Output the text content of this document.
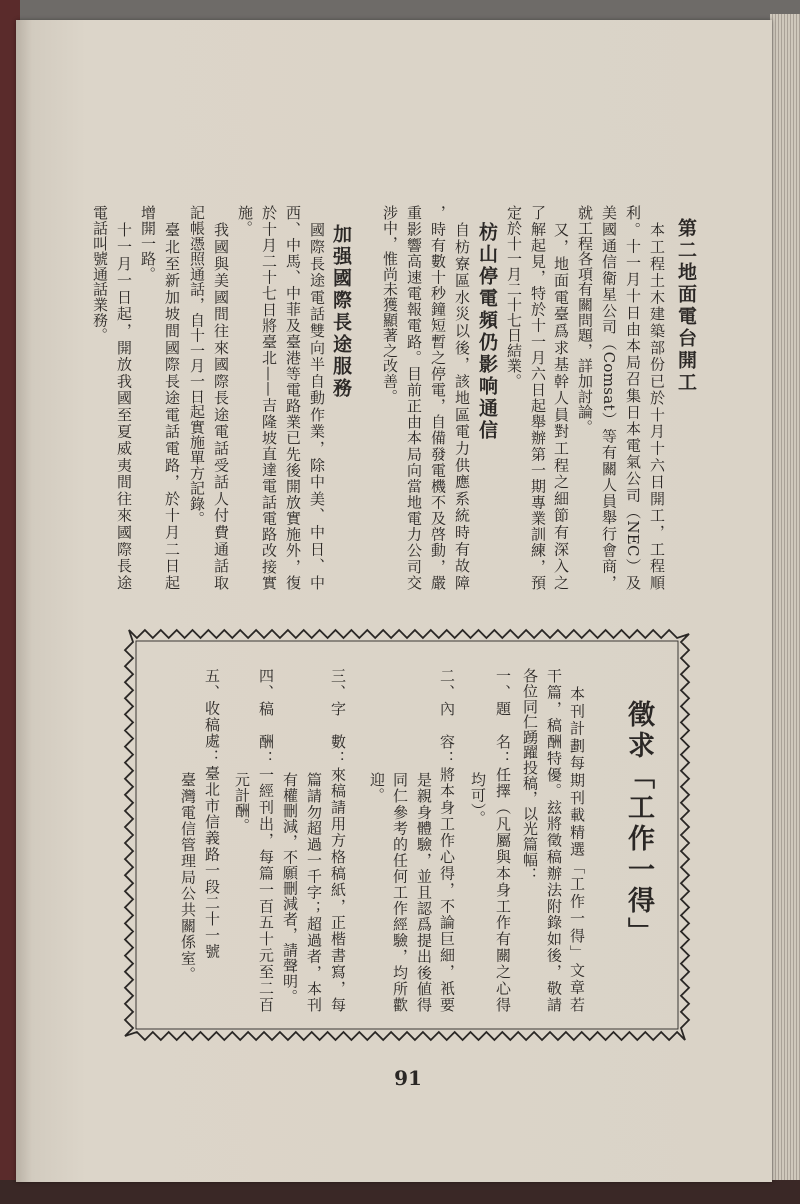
第二地面電台開工
本工程土木建築部份已於十月十六日開工，工程順
利。十一月十日由本局召集日本電氣公司（NEC）及
美國通信衛星公司（Comsat）等有關人員舉行會商，
就工程各項有關問題，詳加討論。
又，地面電臺爲求基幹人員對工程之細節有深入之
了解起見，特於十一月六日起舉辦第一期專業訓練，預
定於十一月二十七日結業。
枋山停電頻仍影响通信
自枋寮區水災以後，該地區電力供應系統時有故障
，時有數十秒鐘短暫之停電，自備發電機不及啓動，嚴
重影響高速電報電路。目前正由本局向當地電力公司交
涉中，惟尚未獲顯著之改善。
加强國際長途服務
國際長途電話雙向半自動作業，除中美、中日、中
西、中馬、中菲及臺港等電路業已先後開放實施外，復
於十月二十七日將臺北——吉隆坡直達電話電路改接實
施。
我國與美國間往來國際長途電話受話人付費通話取
記帳憑照通話，自十一月一日起實施單方記錄。
臺北至新加坡間國際長途電話電路，於十月二日起
增開一路。
十一月一日起，開放我國至夏威夷間往來國際長途
電話叫號通話業務。
徵求「工作一得」
本刊計劃每期刊載精選「工作一得」文章若
干篇，稿酬特優。玆將徵稿辦法附錄如後，敬請
各位同仁踴躍投稿，以光篇幅：
一、題　名：任擇（凡屬與本身工作有關之心得
均可）。
二、內　容：將本身工作心得，不論巨細，衹要
是親身體驗，並且認爲提出後値得
同仁參考的任何工作經驗，均所歡
迎。
三、字　數：來稿請用方格稿紙，正楷書寫，每
篇請勿超過一千字；超過者，本刊
有權刪減，不願刪減者，請聲明。
四、稿　酬：一經刊出，每篇一百五十元至二百
元計酬。
五、收稿處：臺北市信義路一段二十一號
臺灣電信管理局公共關係室。
91
